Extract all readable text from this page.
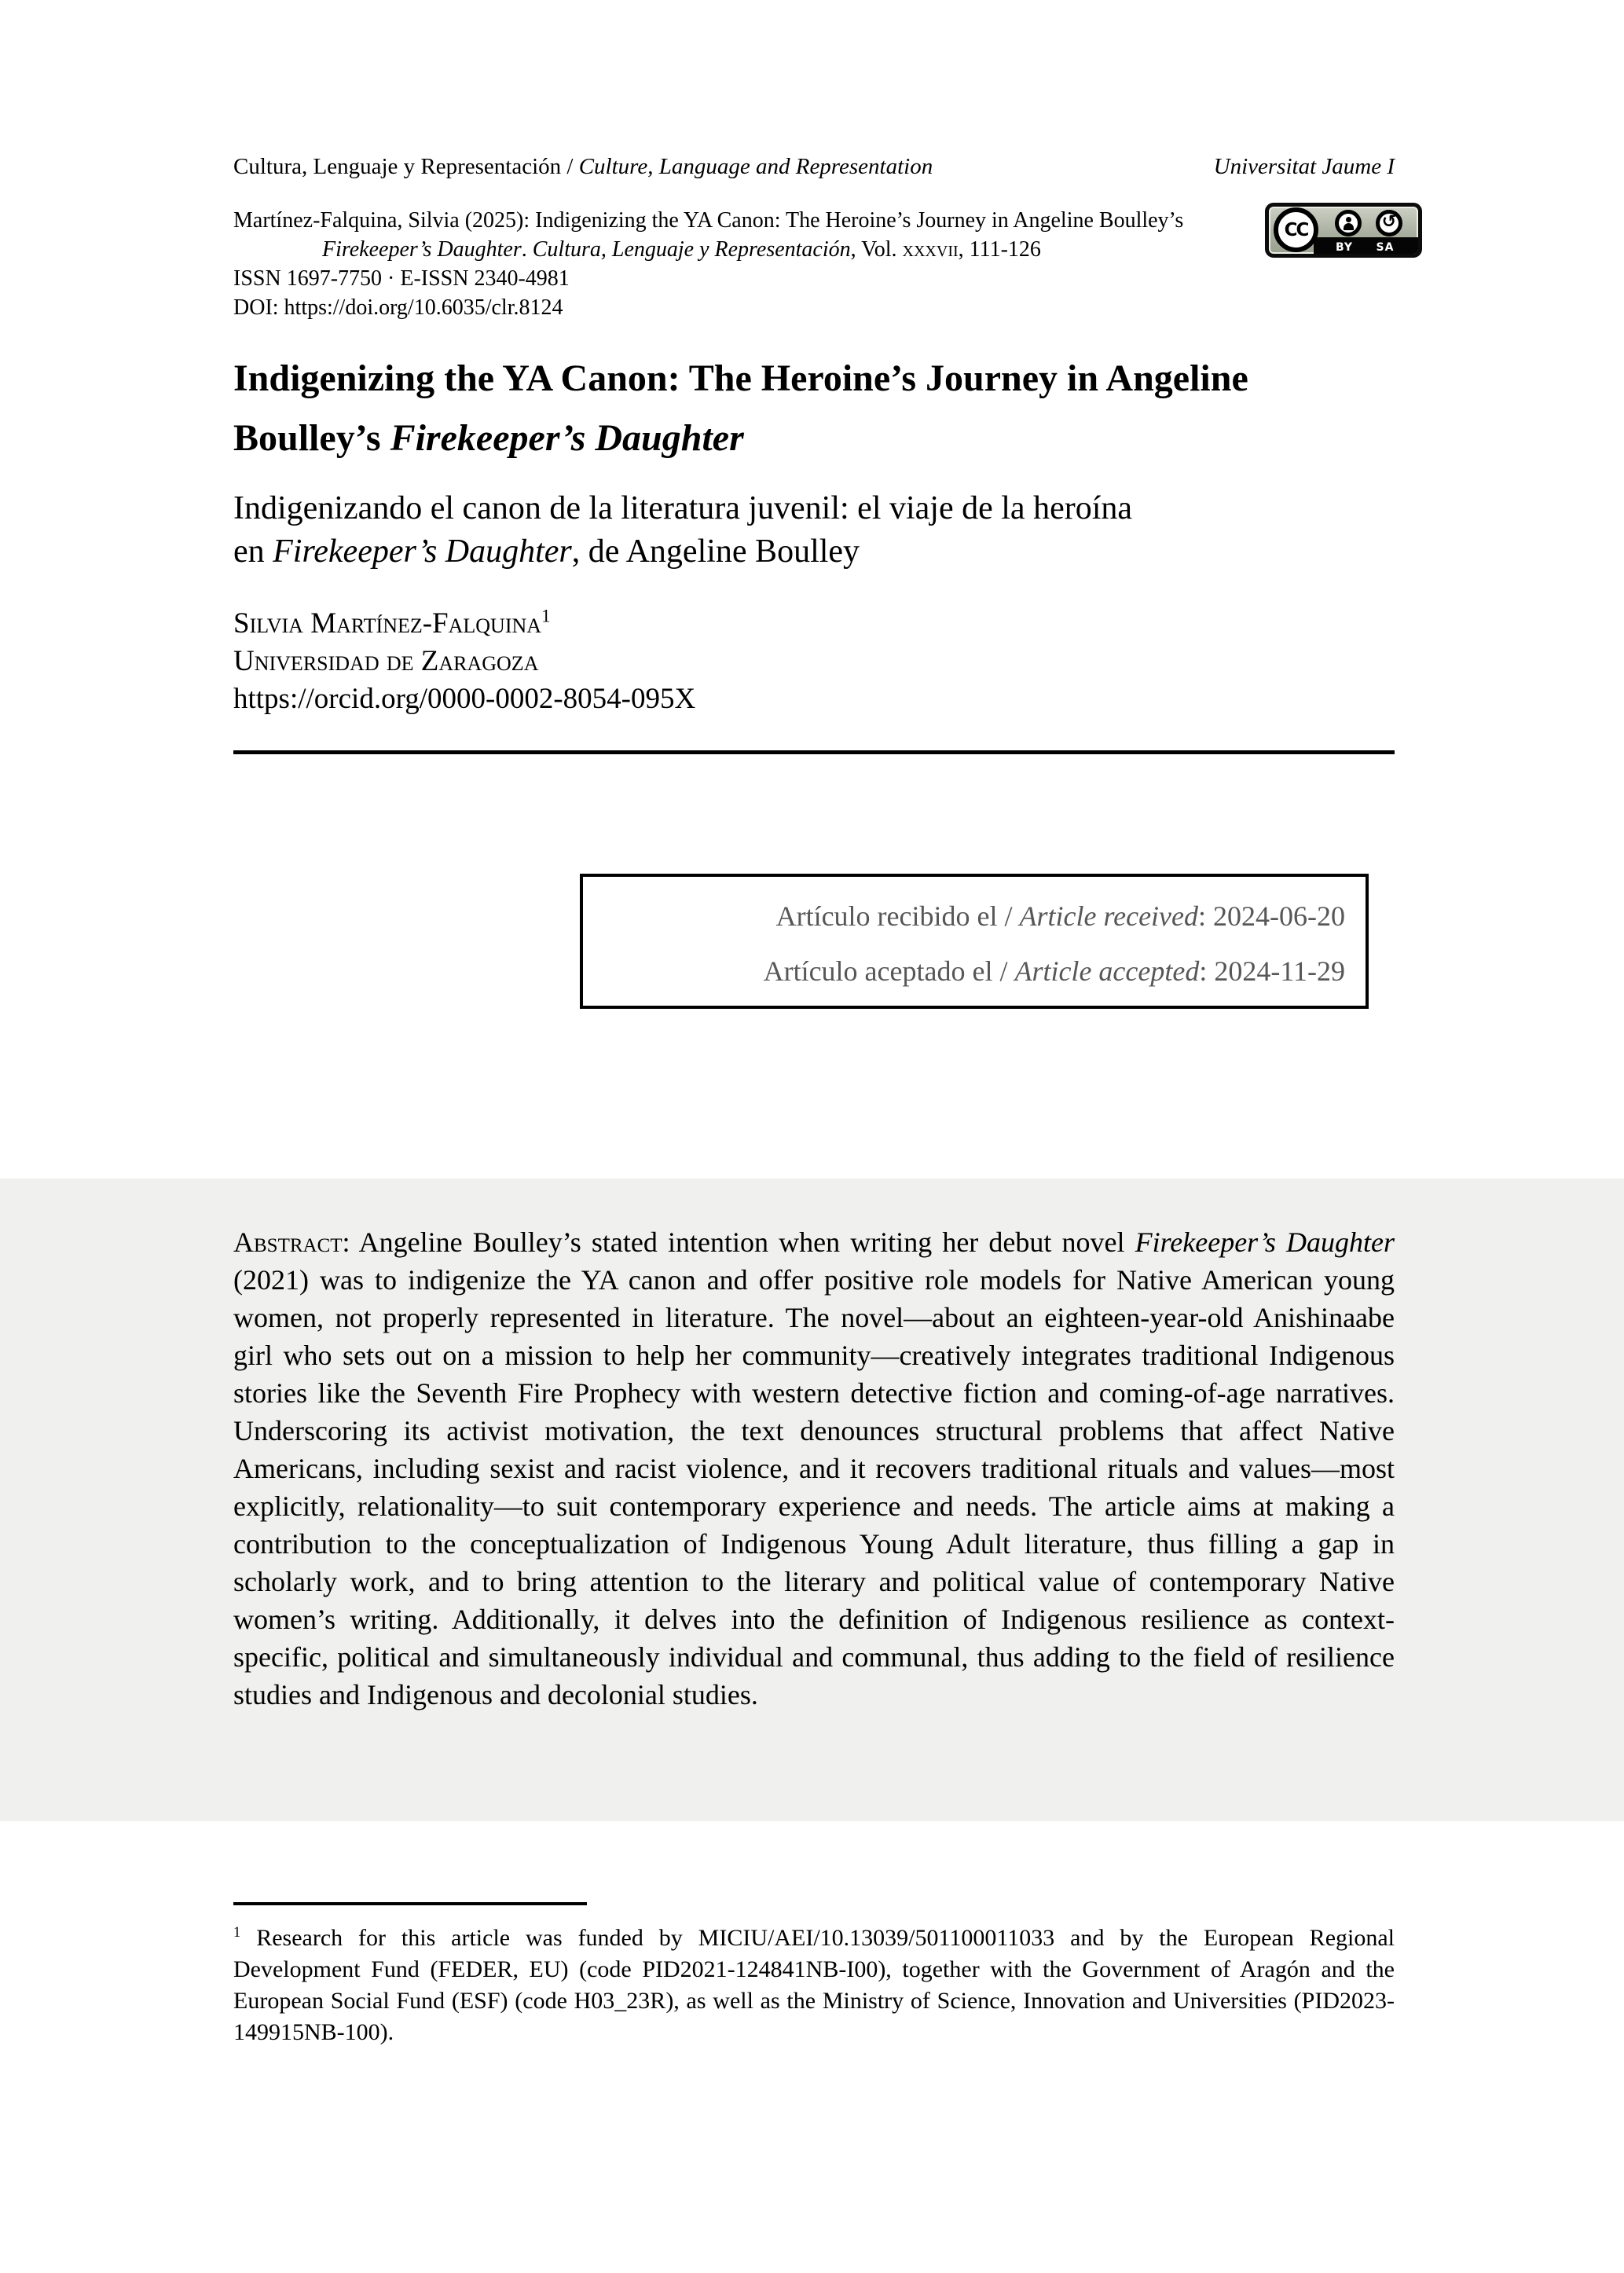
Cultura, Lenguaje y Representación / Culture, Language and Representation	Universitat Jaume I
Martínez-Falquina, Silvia (2025): Indigenizing the YA Canon: The Heroine’s Journey in Angeline Boulley’s
Firekeeper’s Daughter. Cultura, Lenguaje y Representación, Vol. xxxvii, 111-126
ISSN 1697-7750 · E-ISSN 2340-4981
DOI: https://doi.org/10.6035/clr.8124
CC	↺
BY	SA
Indigenizing the YA Canon: The Heroine’s Journey in Angeline
Boulley’s Firekeeper’s Daughter
Indigenizando el canon de la literatura juvenil: el viaje de la heroína
en Firekeeper’s Daughter, de Angeline Boulley
Silvia Martínez-Falquina$^1$
Universidad de Zaragoza
https://orcid.org/0000-0002-8054-095X
Artículo recibido el / Article received: 2024-06-20
Artículo aceptado el / Article accepted: 2024-11-29

Abstract: Angeline Boulley’s stated intention when writing her debut novel Firekeeper’s Daughter (2021) was to indigenize the YA canon and offer positive role models for Native American young women, not properly represented in literature. The novel—about an eighteen-year-old Anishinaabe girl who sets out on a mission to help her community—creatively integrates traditional Indigenous stories like the Seventh Fire Prophecy with western detective fiction and coming-of-age narratives. Underscoring its activist motivation, the text denounces structural problems that affect Native Americans, including sexist and racist violence, and it recovers traditional rituals and values—most explicitly, relationality—to suit contemporary experience and needs. The article aims at making a contribution to the conceptualization of Indigenous Young Adult literature, thus filling a gap in scholarly work, and to bring attention to the literary and political value of contemporary Native women’s writing. Additionally, it delves into the definition of Indigenous resilience as context-specific, political and simultaneously individual and communal, thus adding to the field of resilience studies and Indigenous and decolonial studies.

$^1$ Research for this article was funded by MICIU/AEI/10.13039/501100011033 and by the European Regional Development Fund (FEDER, EU) (code PID2021-124841NB-I00), together with the Government of Aragón and the European Social Fund (ESF) (code H03_23R), as well as the Ministry of Science, Innovation and Universities (PID2023-149915NB-100).
